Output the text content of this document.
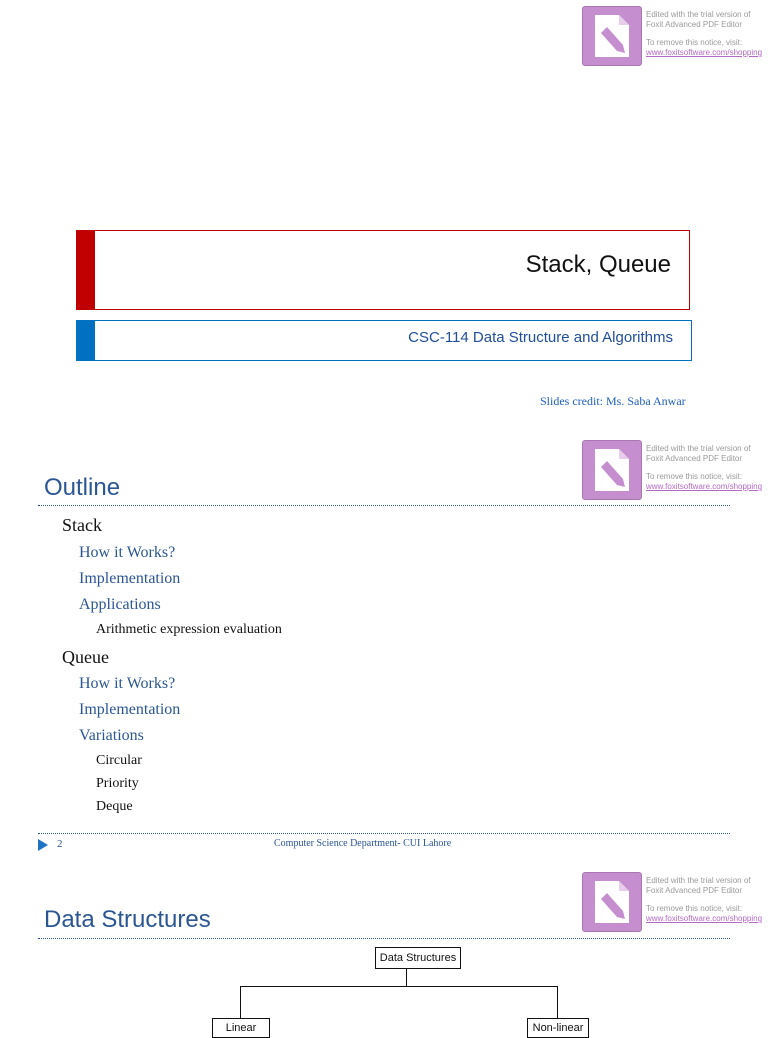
Edited with the trial version of
Foxit Advanced PDF Editor
To remove this notice, visit:
www.foxitsoftware.com/shopping
Stack, Queue
CSC-114 Data Structure and Algorithms
Slides credit: Ms. Saba Anwar
Edited with the trial version of
Foxit Advanced PDF Editor
To remove this notice, visit:
www.foxitsoftware.com/shopping
Outline
Stack
How it Works?
Implementation
Applications
Arithmetic expression evaluation
Queue
How it Works?
Implementation
Variations
Circular
Priority
Deque
2	Computer Science Department- CUI Lahore
Edited with the trial version of
Foxit Advanced PDF Editor
To remove this notice, visit:
www.foxitsoftware.com/shopping
Data Structures
Data Structures
Linear	Non-linear
